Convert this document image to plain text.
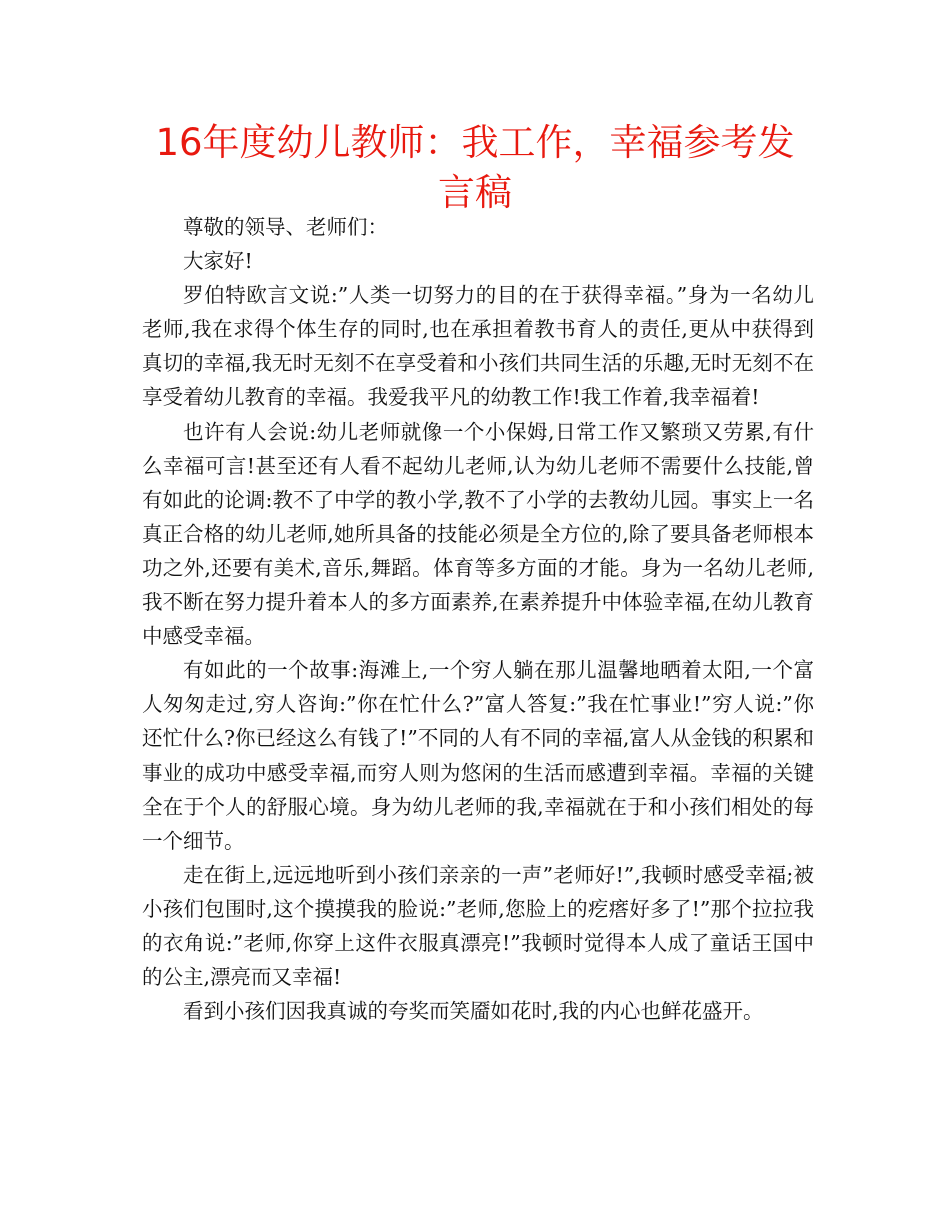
16年度幼儿教师：我工作，幸福参考发言稿

尊敬的领导、老师们：

大家好!

罗伯特欧言文说:”人类一切努力的目的在于获得幸福。”身为一名幼儿老师,我在求得个体生存的同时,也在承担着教书育人的责任,更从中获得到真切的幸福,我无时无刻不在享受着和小孩们共同生活的乐趣,无时无刻不在享受着幼儿教育的幸福。我爱我平凡的幼教工作!我工作着,我幸福着!

也许有人会说:幼儿老师就像一个小保姆,日常工作又繁琐又劳累,有什么幸福可言!甚至还有人看不起幼儿老师,认为幼儿老师不需要什么技能,曾有如此的论调:教不了中学的教小学,教不了小学的去教幼儿园。事实上一名真正合格的幼儿老师,她所具备的技能必须是全方位的,除了要具备老师根本功之外,还要有美术,音乐,舞蹈。体育等多方面的才能。身为一名幼儿老师,我不断在努力提升着本人的多方面素养,在素养提升中体验幸福,在幼儿教育中感受幸福。

有如此的一个故事:海滩上,一个穷人躺在那儿温馨地晒着太阳,一个富人匆匆走过,穷人咨询:”你在忙什么?”富人答复:”我在忙事业!”穷人说:”你还忙什么?你已经这么有钱了!”不同的人有不同的幸福,富人从金钱的积累和事业的成功中感受幸福,而穷人则为悠闲的生活而感遭到幸福。幸福的关键全在于个人的舒服心境。身为幼儿老师的我,幸福就在于和小孩们相处的每一个细节。

走在街上,远远地听到小孩们亲亲的一声”老师好!”,我顿时感受幸福;被小孩们包围时,这个摸摸我的脸说:”老师,您脸上的疙瘩好多了!”那个拉拉我的衣角说:”老师,你穿上这件衣服真漂亮!”我顿时觉得本人成了童话王国中的公主,漂亮而又幸福!

看到小孩们因我真诚的夸奖而笑靥如花时,我的内心也鲜花盛开。
